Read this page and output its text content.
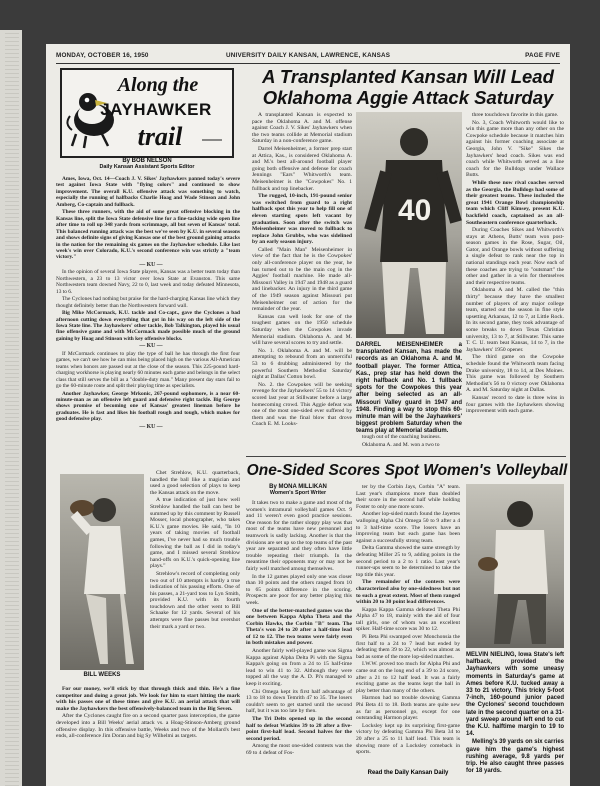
MONDAY, OCTOBER 16, 1950	UNIVERSITY DAILY KANSAN, LAWRENCE, KANSAS	PAGE FIVE
Along the
JAYHAWKER
trail
By BOB NELSON
Daily Kansan Assistant Sports Editor

Ames, Iowa, Oct. 14—Coach J. V. Sikes' Jayhawkers panned today's severe test against Iowa State with "flying colors" and continued to show improvement. The overall K.U. offensive attack was something to watch, especially the running of halfbacks Charlie Hoag and Wade Stinson and John Amberg, Co-captain and fullback.

These three runners, with the aid of some great offensive blocking in the Kansas line, split the Iowa State defensive line for a fine-tacking wide open line after time to roll up 348 yards from scrimmage, all but seven of Kansas' total. This balanced running attack was the best we've seen by K.U. in several seasons and shows definite signs of giving Kansas one of the best ground gaining attacks in the nation for the remaining six games on the Jayhawker schedule. Like last week's win over Colorado, K.U.'s second conference win was strictly a "team victory."

— KU —

In the opinion of several Iowa State players, Kansas was a better team today than Northwestern, a 23 to 13 victor over Iowa State at Evanston. This same Northwestern team downed Navy, 22 to 0, last week and today defeated Minnesota, 13 to 6.

The Cyclones had nothing but praise for the hard-charging Kansas line which they thought definitely better than the Northwestern forward wall.

Big Mike McCormack, K.U. tackle and Co-capt., gave the Cyclones a bad afternoon cutting down everything that got in his way on the left side of the Iowa State line. The Jayhawkers' other tackle, Bob Talkington, played his usual fine offensive game and with McCormack made possible much of the ground gaining by Hoag and Stinson with key offensive blocks.

— KU —

If McCormack continues to play the type of ball he has through the first four games, we can't see how he can miss being placed high on the various All-American teams when honors are passed out at the close of the season. This 225-pound hard-charging workhorse is playing nearly 60 minutes each game and belongs in the select class that still serves the bill as a "double-duty man." Many present day stars fail to go the 60-minute route and split their playing time as specialists.

Another Jayhawker, George Mrkonic, 267-pound sophomore, is a near 60-minute-man as an offensive left guard and defensive right tackle. Big George shows promise of becoming one of Kansas' greatest lineman before he graduates. He is fast and likes his football rough and tough, which makes for good defensive play.

— KU —

BILL WEEKS

Chet Strehlow, K.U. quarterback, handled the ball like a magician and used a good selection of plays to keep the Kansas attack on the move.

A true indication of just how well Strehlow handled the ball can best be summed up by this comment by Russell Mosser, local photographer, who takes K.U.'s game movies. He said, "In 10 years of taking movies of football games, I've never had so much trouble following the ball as I did in today's game, and I missed several Strehlow hand-offs on K.U.'s quick-opening line plays."

Strehlow's record of completing only two out of 10 attempts is hardly a true indication of his passing efforts. One of his passes, a 21-yard toss to Lyn Smith, provided K.U. with its fourth touchdown and the other went to Bill Schaake for 12 yards. Several of his attempts were fine passes but overshot their mark a yard or two.

For our money, we'll stick by that through thick and thin. He's a fine competitor and doing a great job. We look for him to start hitting the mark with his passes one of these times and give K.U. an aerial attack that will make the Jayhawkers the best offensively-balanced team in the Big Seven.

After the Cyclones caught fire on a second quarter pass interception, the game developed into a Bill Weeks' aerial attack vs. a Hoag-Stinson-Amberg ground offensive display. In this offensive battle, Weeks and two of the Mollard's best ends, all-conference Jim Doran and big Sy Wilhelmi as targets.

A Transplanted Kansan Will Lead Oklahoma Aggie Attack Saturday

A transplanted Kansan is expected to pace the Oklahoma A. and M. offense against Coach J. V. Sikes' Jayhawkers when the two teams collide at Memorial stadium Saturday in a non-conference game.

Darrel Meisenheimer, a former prep start at Attica, Kas., is considered Oklahoma A. and M.'s best all-around football player going both offensive and defense for coach Jennings "Ears" Whitworth's team. Meisenheimer is the "Cowpokes" No. 1 fullback and top linebacker.

The rugged, 10-inch, 191-pound senior was switched from guard to a right halfback spot this year to help fill one of eleven starting spots left vacant by graduation. Soon after the switch was Meisenheimer was moved to fullback to replace John Grubbs, who was sidelined by an early season injury.

Called "Main Man" Meisenheimer in view of the fact that he is the Cowpokes' only all-conference player on the year, he has turned out to be the main cog in the Aggies' football machine. He made all-Missouri Valley in 1947 and 1948 as a guard and linebacker. An injury in the third game of the 1949 season against Missouri put Meisenheimer out of action for the remainder of the year.

Kansas can well look for one of the toughest games on the 1950 schedule Saturday when the Cowpokes invade Memorial stadium. Oklahoma A. and M. will have several scores to try and settle.

No. 1. Oklahoma A. and M. will be attempting to rebound from an unmerciful 53 to 6 drubbing administered by the powerful Southern Methodist Saturday night at Dallas' Cotton bowl.

No. 2. the Cowpokes will be seeking revenge for the Jayhawkers' 55 to 14 victory scored last year at Stillwater before a large homecoming crowd. This Aggie defeat was one of the most one-sided ever suffered by them and was the final blow that drove Coach E. M. Looks-

40
DARREL MEISENHEIMER	a transplanted Kansan, has made the records as an Oklahoma A. and M. football player. The former Attica, Kas., prep star has held down the right halfback and No. 1 fullback spots for the Cowpokes this year after being selected as an all-Missouri Valley guard in 1947 and 1948. Finding a way to stop this 60-minute man will be the Jayhawkers' biggest problem Saturday when the teams play at Memorial stadium.

tough out of the coaching business.

Oklahoma A. and M. won a two to

three touchdown favorite in this game.

No. 3, Coach Whitworth would like to win this game more than any other on the Cowpoke schedule because it matches him against his former coaching associate at Georgia, John V. "Sike" Sikes the Jayhawkers' head coach. Sikes was end coach while Whitworth served as a line coach for the Bulldogs under Wallace Butts.

While these now rival coaches served as the Georgia, the Bulldogs had some of their greatest teams. These included the great 1941 Orange Bowl championship team which Cliff Kimsey, present K.U. backfield coach, captained as an all-Southeastern conference quarterback.

During Coaches Sikes and Whitworth's stays at Athens, Butts' team won post-season games in the Rose, Sugar, Oil, Gator, and Orange bowls without suffering a single defeat to rank near the top in national standings each year. Now each of these coaches are trying to "outsmart" the other and gather in a win for themselves and their respective teams.

Oklahoma A and M. called the "thin thirty" because they have the smallest number of players of any major college team, started out the season in fine style upsetting Arkansas, 12 to 7, at Little Rock. In its second game, they took advantage of some breaks to down Texas Christian university, 13 to 7, at Stillwater. This same T. C. U. team beat Kansas, 14 to 7, in the Jayhawkers' 1950 opener.

The third game on the Cowpoke schedule found the Whitworth team facing Drake university, 18 to 14, at Des Moines. This game was followed by Southern Methodist's 56 to 0 victory over Oklahoma A. and M. Saturday night at Dallas.

Kansas' record to date is three wins in four games with the Jayhawkers showing improvement with each game.

One-Sided Scores Spot Women's Volleyball
By MONA MILLIKAN
Women's Sport Writer

It takes two to make a game and most of the women's intramural volleyball games Oct. 9 and 11 weren't even good practice sessions. One reason for the rather sloppy play was that most of the teams have new personnel and teamwork is sadly lacking. Another is that the divisions are set up so the top teams of the past year are separated and they often have little trouble repeating their triumph. In the meantime their opponents may or may not be fairly well matched among themselves.

In the 12 games played only one was closer than 10 points and the others ranged from 10 to 65 points difference in the scoring. Prospects are poor for any better playing this week.

One of the better-matched games was the one between Kappa Alpha Theta and the Corbin Hawks, the Corbin "B" team. The Theta's won 24 to 20 after a half-time lead of 12 to 12. The two teams were fairly even in both mistakes and power.

Another fairly well-played game was Sigma Kappa against Alpha Delta Pi with the Sigma Kappa's going on from a 24 to 15 half-time lead to win 41 to 32. Although they were topped all the way the A. D. Pi's managed to keep it exciting.

Chi Omega kept its first half advantage of 13 to 18 to down Temrith 47 to 35. The losers couldn't seem to get started until the second half, but it was too late by then.

The Tri Delts opened up in the second half to defeat Watkins 39 to 28 after a five-point first-half lead. Second halves for the second period.

Among the most one-sided contests was the 69 to 4 defeat of Fos-

ter by the Corbin Jays, Corbin "A" team. Last year's champions more than doubled their score in the second half while holding Foster to only one more score.

Another lop-sided match found the Jayettes walloping Alpha Chi Omega 50 to 9 after a 4 to 3 half-time score. The losers have an improving team but each game has been against a successfully strong team.

Delta Gamma showed the same strength by defeating Miller 25 to 9, adding points in the second period to a 2 to 1 ratio. Last year's runner-ups seem to be determined to take the top title this year.

The remainder of the contests were characterized also by one-sidedness but not to such a great extent. Most of them ranged within 20 to 30 point lead differences.

Kappa Kappa Gamma defeated Theta Phi Alpha 47 to 18, mainly with the aid of four tall girls, one of whom was an excellent spiker. Half-time score was 30 to 12.

Pi Beta Phi swamped over Monchonsia the first half to a 24 to 7 lead but ended by defeating them 39 to 22, which was almost as bad as some of the more lop-sided matches.

I.W.W. proved too much for Alpha Phi and came out on the long end of a 39 to 24 score, after a 21 to 12 half lead. It was a fairly exciting game as the teams kept the ball in play better than many of the others.

Harmon had no trouble downing Gamma Phi Beta 41 to 18. Both teams are quite new as far as personnel go, except for one outstanding Harmon player.

Locksley kept up its surprising first-game victory by defeating Gamma Phi Beta 34 to 20 after a 25 to 11 half lead. This team is showing more of a Locksley comeback in sports.

Read the Daily Kansan Daily
MELVIN NIELING, Iowa State's left halfback, provided the Jayhawkers with some uneasy moments in Saturday's game at Ames before K.U. tucked away a 33 to 21 victory. This tricky 5-foot 7-inch, 160-pound junior paced the Cyclones' second touchdown late in the second quarter on a 31-yard sweep around left end to cut the K.U. halftime margin to 19 to 14.
Melling's 39 yards on six carries gave him the game's highest rushing average, 9.8 yards per trip. He also caught three passes for 18 yards.
